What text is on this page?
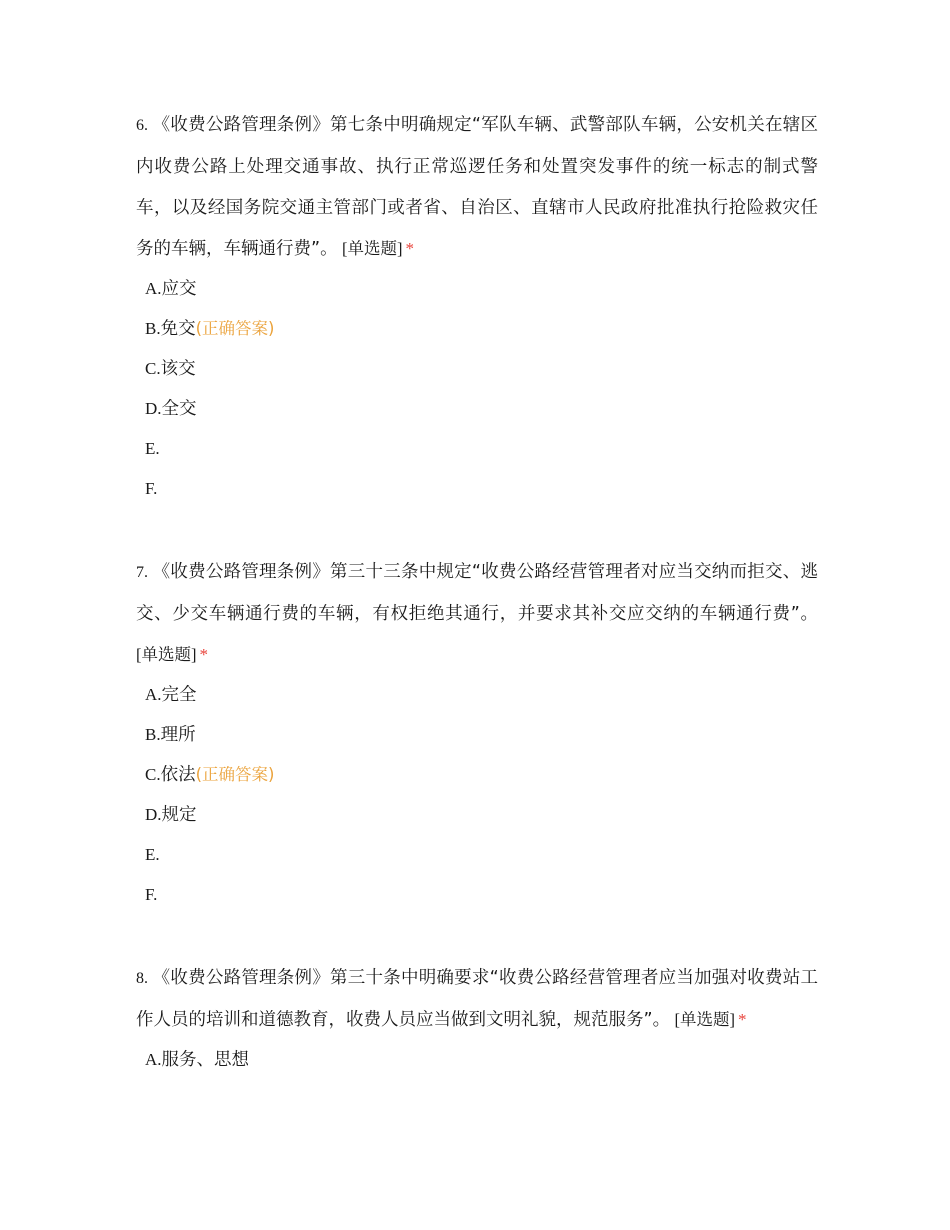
6. 《收费公路管理条例》第七条中明确规定“军队车辆、武警部队车辆，公安机关在辖区内收费公路上处理交通事故、执行正常巡逻任务和处置突发事件的统一标志的制式警车，以及经国务院交通主管部门或者省、自治区、直辖市人民政府批准执行抢险救灾任务的车辆，车辆通行费”。 [单选题] *

A.应交
B.免交(正确答案)
C.该交
D.全交
E.
F.

7. 《收费公路管理条例》第三十三条中规定“收费公路经营管理者对应当交纳而拒交、逃交、少交车辆通行费的车辆，有权拒绝其通行，并要求其补交应交纳的车辆通行费”。 [单选题] *

A.完全
B.理所
C.依法(正确答案)
D.规定
E.
F.

8. 《收费公路管理条例》第三十条中明确要求“收费公路经营管理者应当加强对收费站工作人员的培训和道德教育，收费人员应当做到文明礼貌，规范服务”。 [单选题] *

A.服务、思想
